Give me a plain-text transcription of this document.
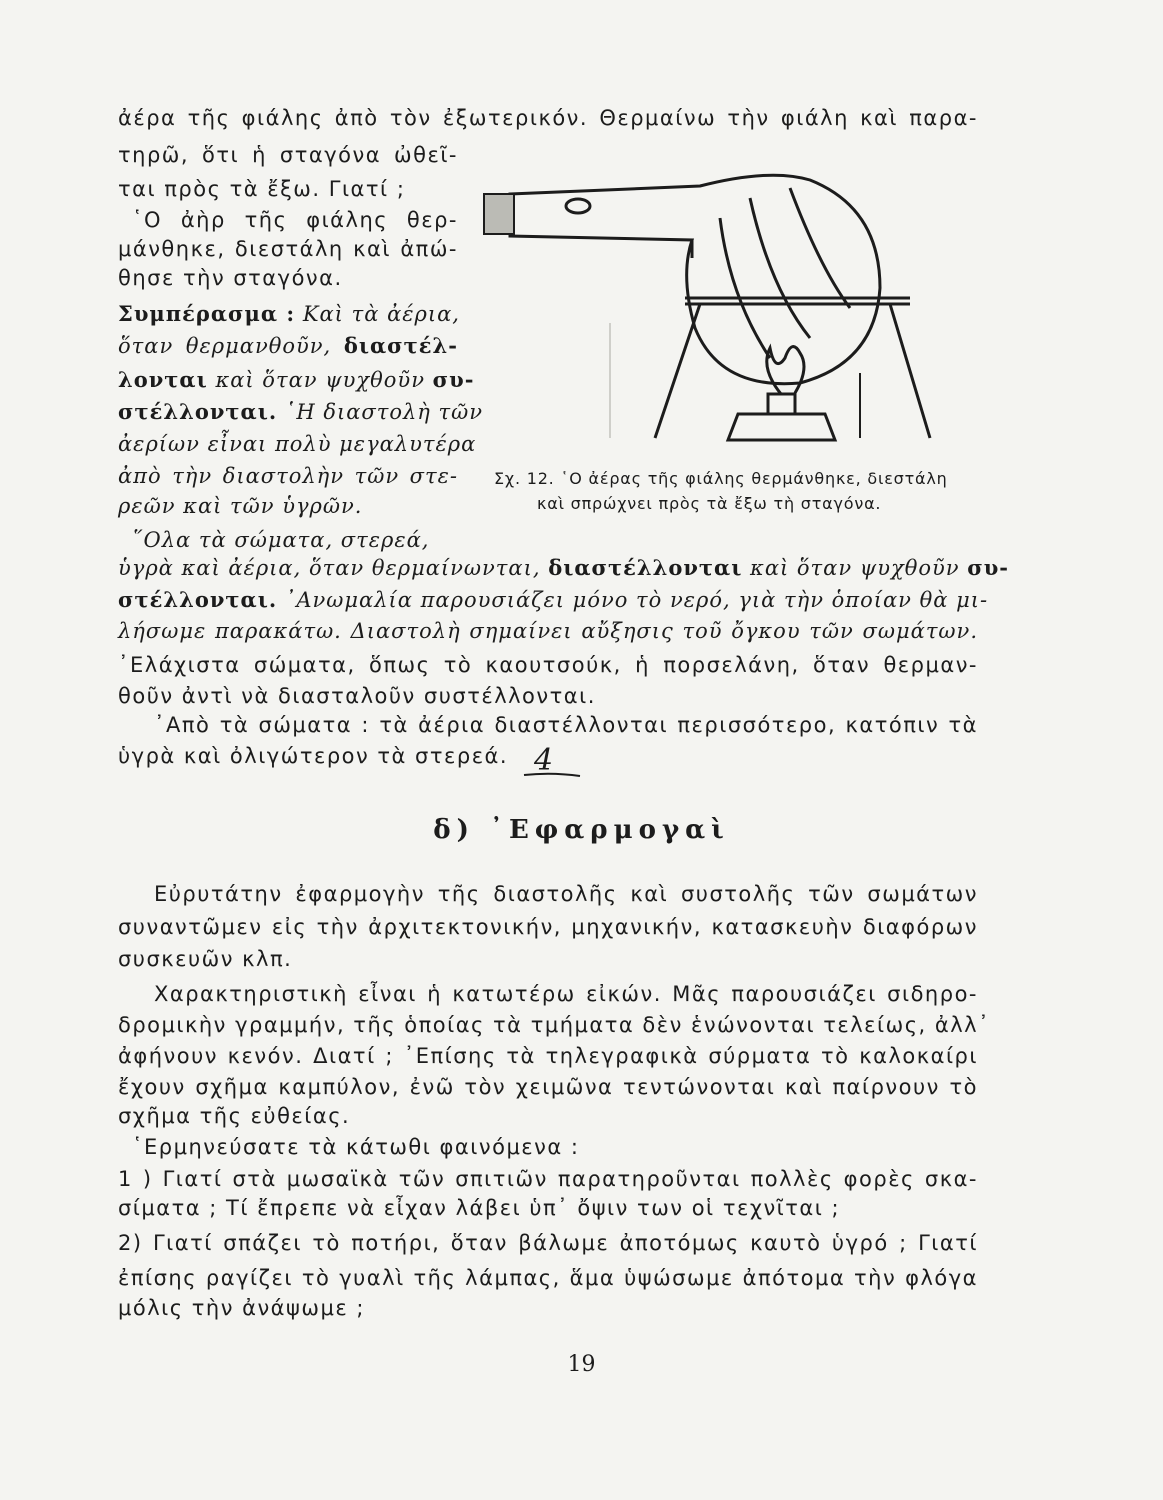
ἀέρα τῆς φιάλης ἀπὸ τὸν ἐξωτερικόν. Θερμαίνω τὴν φιάλη καὶ παρα-
τηρῶ, ὅτι ἡ σταγόνα ὠθεῖ-
ται πρὸς τὰ ἔξω. Γιατί ;
῾Ο ἀὴρ τῆς φιάλης θερ-
μάνθηκε, διεστάλη καὶ ἀπώ-
θησε τὴν σταγόνα.
Συμπέρασμα : Καὶ τὰ ἀέρια,
ὅταν θερμανθοῦν, διαστέλ-
λονται καὶ ὅταν ψυχθοῦν συ-
στέλλονται. ῾Η διαστολὴ τῶν
ἀερίων εἶναι πολὺ μεγαλυτέρα
ἀπὸ τὴν διαστολὴν τῶν στε-
ρεῶν καὶ τῶν ὑγρῶν.
῞Ολα τὰ σώματα, στερεά,
ὑγρὰ καὶ ἀέρια, ὅταν θερμαίνωνται, διαστέλλονται καὶ ὅταν ψυχθοῦν συ-
στέλλονται. ᾿Ανωμαλία παρουσιάζει μόνο τὸ νερό, γιὰ τὴν ὁποίαν θὰ μι-
λήσωμε παρακάτω. Διαστολὴ σημαίνει αὔξησις τοῦ ὄγκου τῶν σωμάτων.
Σχ. 12. ῾Ο ἀέρας τῆς φιάλης θερμάνθηκε, διεστάλη
καὶ σπρώχνει πρὸς τὰ ἔξω τὴ σταγόνα.
᾿Ελάχιστα σώματα, ὅπως τὸ καουτσούκ, ἡ πορσελάνη, ὅταν θερμαν-
θοῦν ἀντὶ νὰ διασταλοῦν συστέλλονται.
᾿Απὸ τὰ σώματα : τὰ ἀέρια διαστέλλονται περισσότερο, κατόπιν τὰ
ὑγρὰ καὶ ὀλιγώτερον τὰ στερεά. 4
δ) ᾿Εφαρμογαὶ
Εὐρυτάτην ἐφαρμογὴν τῆς διαστολῆς καὶ συστολῆς τῶν σωμάτων
συναντῶμεν εἰς τὴν ἀρχιτεκτονικήν, μηχανικήν, κατασκευὴν διαφόρων
συσκευῶν κλπ.
Χαρακτηριστικὴ εἶναι ἡ κατωτέρω εἰκών. Μᾶς παρουσιάζει σιδηρο-
δρομικὴν γραμμήν, τῆς ὁποίας τὰ τμήματα δὲν ἑνώνονται τελείως, ἀλλ᾿
ἀφήνουν κενόν. Διατί ; ᾿Επίσης τὰ τηλεγραφικὰ σύρματα τὸ καλοκαίρι
ἔχουν σχῆμα καμπύλον, ἐνῶ τὸν χειμῶνα τεντώνονται καὶ παίρνουν τὸ
σχῆμα τῆς εὐθείας.
῾Ερμηνεύσατε τὰ κάτωθι φαινόμενα :
1 ) Γιατί στὰ μωσαϊκὰ τῶν σπιτιῶν παρατηροῦνται πολλὲς φορὲς σκα-
σίματα ; Τί ἔπρεπε νὰ εἶχαν λάβει ὑπ᾿ ὄψιν των οἱ τεχνῖται ;
2) Γιατί σπάζει τὸ ποτήρι, ὅταν βάλωμε ἀποτόμως καυτὸ ὑγρό ; Γιατί
ἐπίσης ραγίζει τὸ γυαλὶ τῆς λάμπας, ἅμα ὑψώσωμε ἀπότομα τὴν φλόγα
μόλις τὴν ἀνάψωμε ;
19
